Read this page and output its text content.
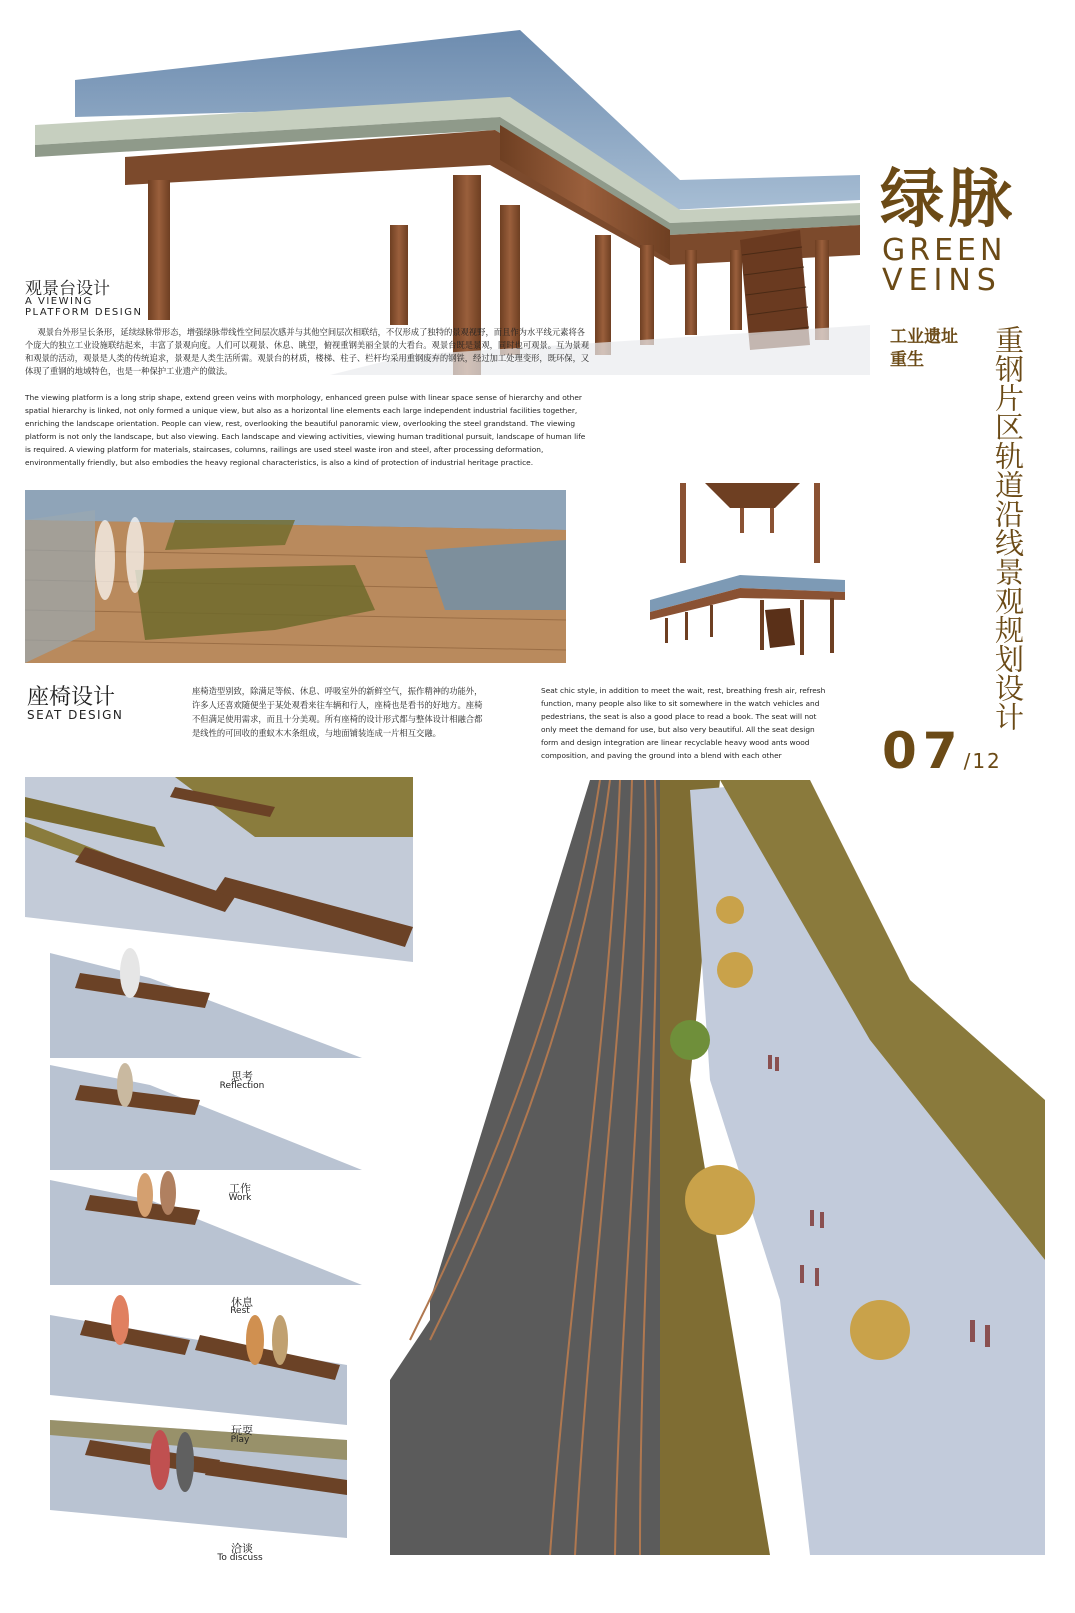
绿脉
GREEN
VEINS
工业遗址
重生 重钢片区轨道沿线景观规划设计
07/12
观景台设计
A VIEWING
PLATFORM DESIGN

观景台外形呈长条形，延续绿脉带形态，增强绿脉带线性空间层次感并与其他空间层次相联结，不仅形成了独特的景观视野，而且作为水平线元素将各个庞大的独立工业设施联结起来，丰富了景观向度。人们可以观景、休息、眺望，俯视重钢美丽全景的大看台。观景台既是景观，同时也可观景。互为景观和观景的活动，观景是人类的传统追求，景观是人类生活所需。观景台的材质，楼梯、柱子、栏杆均采用重钢废弃的钢铁，经过加工处理变形，既环保，又体现了重钢的地域特色，也是一种保护工业遗产的做法。

The viewing platform is a long strip shape, extend green veins with morphology, enhanced green pulse with linear space sense of hierarchy and other spatial hierarchy is linked, not only formed a unique view, but also as a horizontal line elements each large independent industrial facilities together, enriching the landscape orientation. People can view, rest, overlooking the beautiful panoramic view, overlooking the steel grandstand. The viewing platform is not only the landscape, but also viewing. Each landscape and viewing activities, viewing human traditional pursuit, landscape of human life is required. A viewing platform for materials, staircases, columns, railings are used steel waste iron and steel, after processing deformation, environmentally friendly, but also embodies the heavy regional characteristics, is also a kind of protection of industrial heritage practice.

座椅设计
SEAT DESIGN

座椅造型别致，除满足等候、休息、呼吸室外的新鲜空气，振作精神的功能外，许多人还喜欢随便坐于某处观看来往车辆和行人，座椅也是看书的好地方。座椅不但满足使用需求，而且十分美观。所有座椅的设计形式都与整体设计相融合都是线性的可回收的重蚁木木条组成，与地面铺装连成一片相互交融。

Seat chic style, in addition to meet the wait, rest, breathing fresh air, refresh function, many people also like to sit somewhere in the watch vehicles and pedestrians, the seat is also a good place to read a book. The seat will not only meet the demand for use, but also very beautiful. All the seat design form and design integration are linear recyclable heavy wood ants wood composition, and paving the ground into a blend with each other

思考
Reflection
工作
Work
休息
Rest
玩耍
Play
洽谈
To discuss
